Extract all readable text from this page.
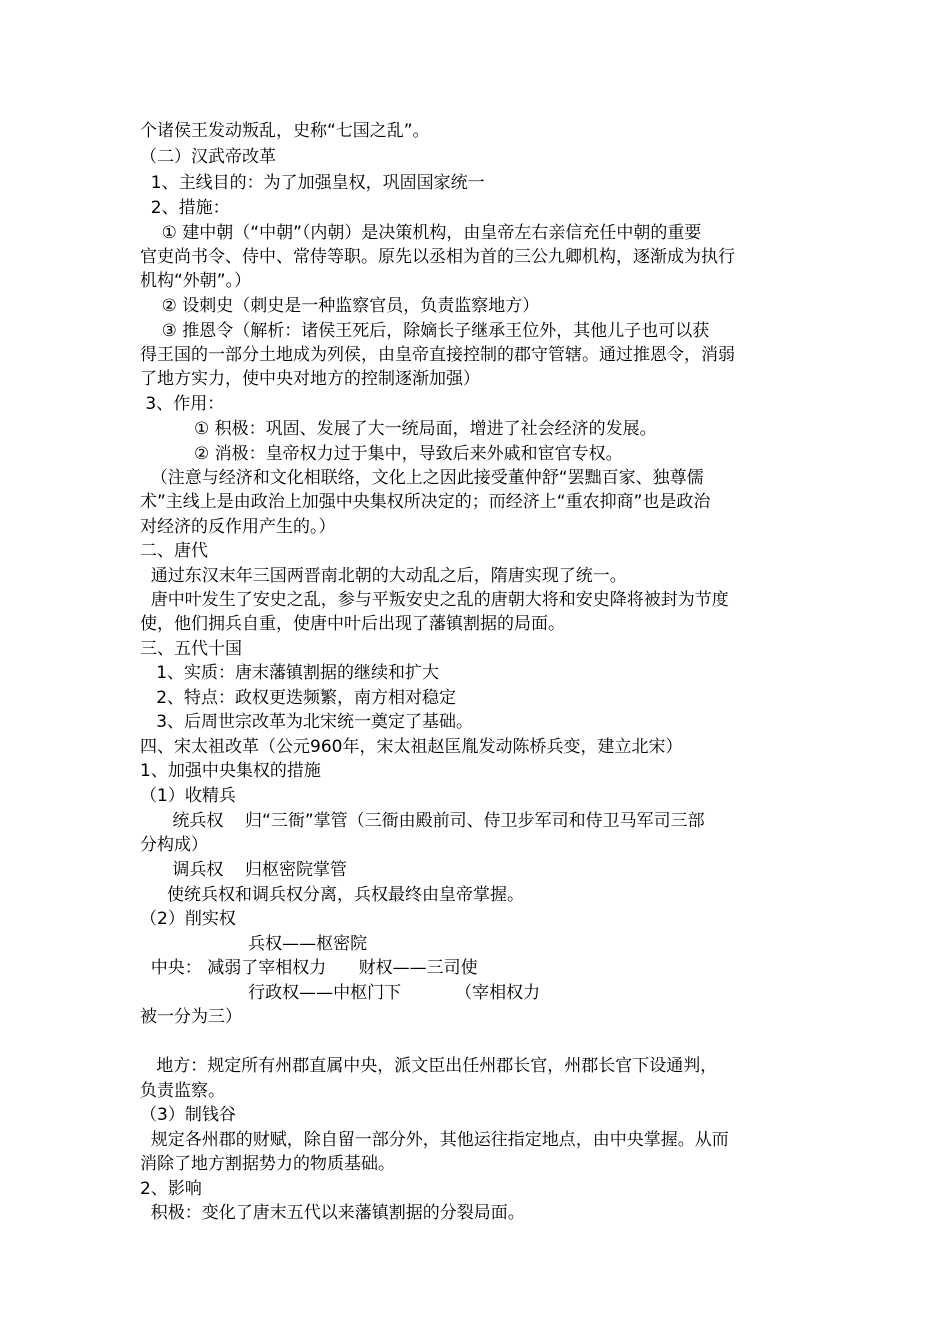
个诸侯王发动叛乱，史称“七国之乱”。
（二）汉武帝改革
1、主线目的：为了加强皇权，巩固国家统一
2、措施：
① 建中朝（“中朝”（内朝）是决策机构，由皇帝左右亲信充任中朝的重要
官吏尚书令、侍中、常侍等职。原先以丞相为首的三公九卿机构，逐渐成为执行
机构“外朝”。）
② 设刺史（刺史是一种监察官员，负责监察地方）
③ 推恩令（解析：诸侯王死后，除嫡长子继承王位外，其他儿子也可以获
得王国的一部分土地成为列侯，由皇帝直接控制的郡守管辖。通过推恩令，消弱
了地方实力，使中央对地方的控制逐渐加强）
3、作用：
① 积极：巩固、发展了大一统局面，增进了社会经济的发展。
② 消极：皇帝权力过于集中，导致后来外戚和宦官专权。
（注意与经济和文化相联络，文化上之因此接受董仲舒“罢黜百家、独尊儒
术”主线上是由政治上加强中央集权所决定的；而经济上“重农抑商”也是政治
对经济的反作用产生的。）
二、唐代
通过东汉末年三国两晋南北朝的大动乱之后，隋唐实现了统一。
唐中叶发生了安史之乱，参与平叛安史之乱的唐朝大将和安史降将被封为节度
使，他们拥兵自重，使唐中叶后出现了藩镇割据的局面。
三、五代十国
1、实质：唐末藩镇割据的继续和扩大
2、特点：政权更迭频繁，南方相对稳定
3、后周世宗改革为北宋统一奠定了基础。
四、宋太祖改革（公元960年，宋太祖赵匡胤发动陈桥兵变，建立北宋）
1、加强中央集权的措施
（1）收精兵
统兵权    归“三衙”掌管（三衙由殿前司、侍卫步军司和侍卫马军司三部
分构成）
调兵权    归枢密院掌管
使统兵权和调兵权分离，兵权最终由皇帝掌握。
（2）削实权
兵权——枢密院
中央： 减弱了宰相权力      财权——三司使
行政权——中枢门下          （宰相权力
被一分为三）
地方：规定所有州郡直属中央，派文臣出任州郡长官，州郡长官下设通判，
负责监察。
（3）制钱谷
规定各州郡的财赋，除自留一部分外，其他运往指定地点，由中央掌握。从而
消除了地方割据势力的物质基础。
2、影响
积极：变化了唐末五代以来藩镇割据的分裂局面。
